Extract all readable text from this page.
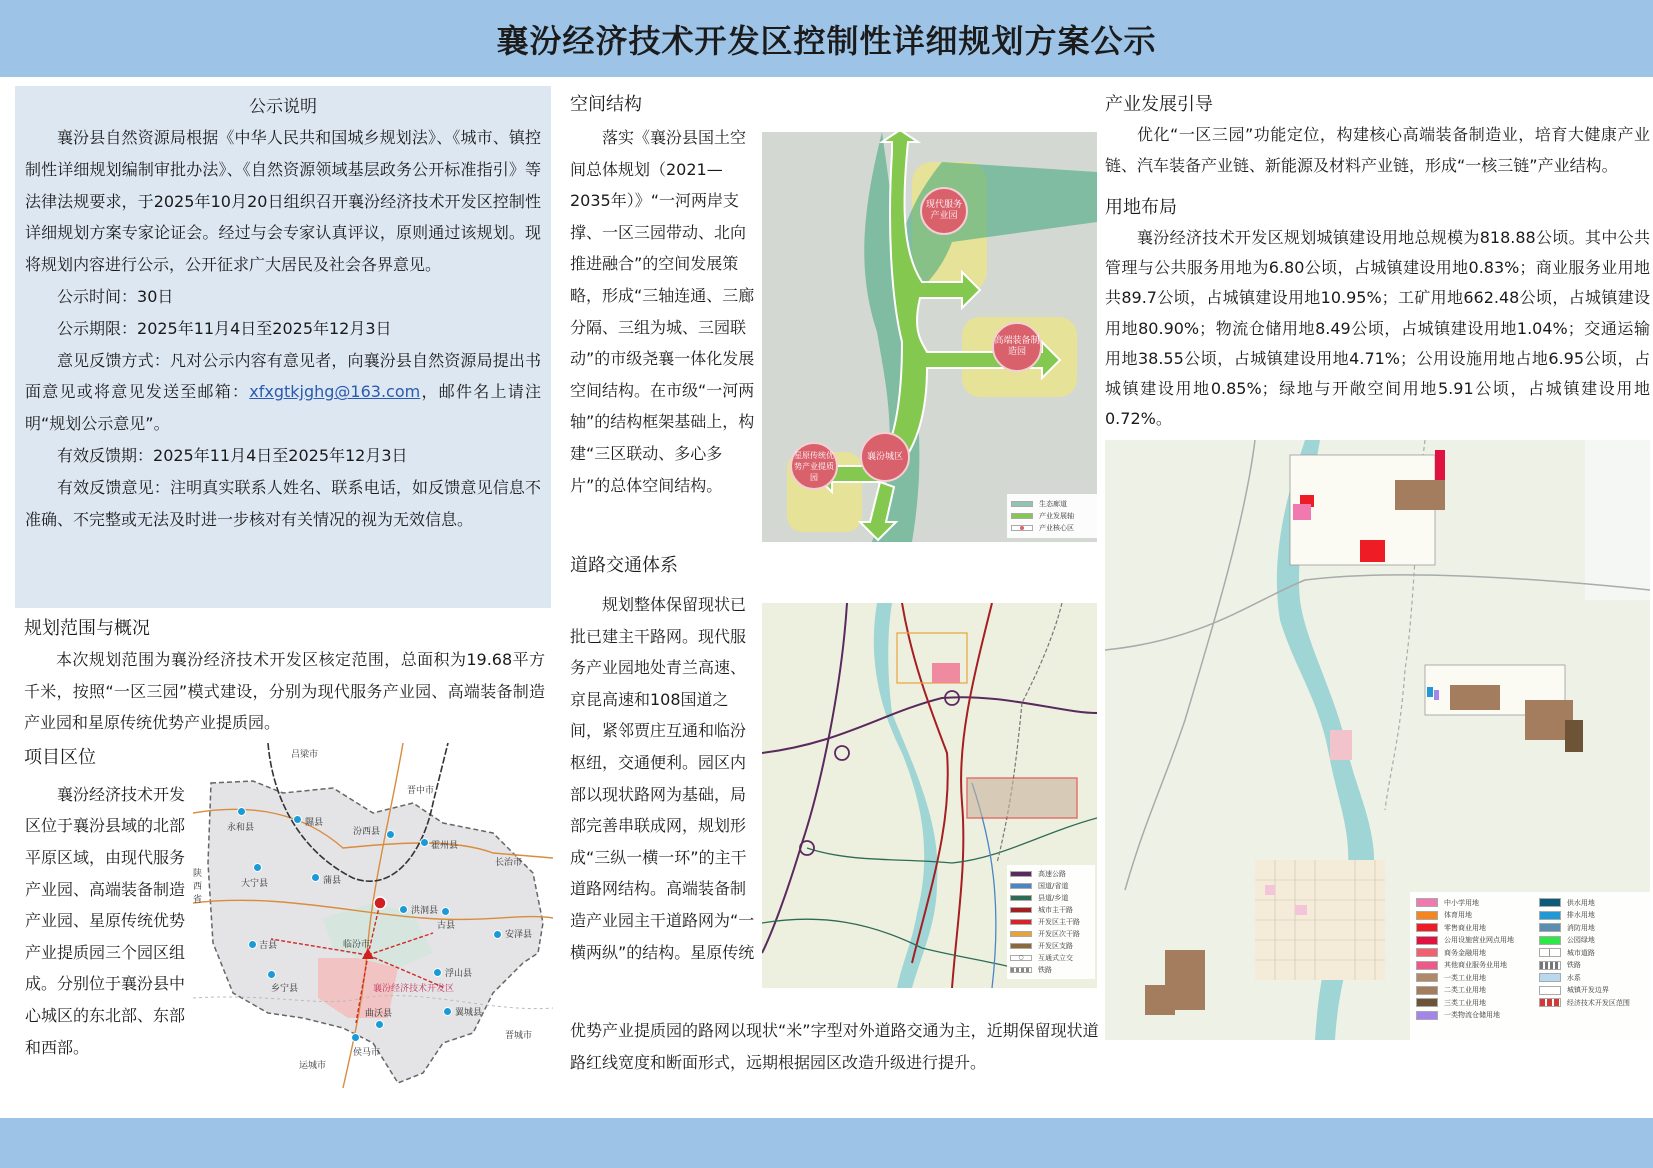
襄汾经济技术开发区控制性详细规划方案公示
公示说明

襄汾县自然资源局根据《中华人民共和国城乡规划法》、《城市、镇控制性详细规划编制审批办法》、《自然资源领域基层政务公开标准指引》等法律法规要求，于2025年10月20日组织召开襄汾经济技术开发区控制性详细规划方案专家论证会。经过与会专家认真评议，原则通过该规划。现将规划内容进行公示，公开征求广大居民及社会各界意见。

公示时间：30日

公示期限：2025年11月4日至2025年12月3日

意见反馈方式：凡对公示内容有意见者，向襄汾县自然资源局提出书面意见或将意见发送至邮箱：xfxgtkjghg@163.com，邮件名上请注明“规划公示意见”。

有效反馈期：2025年11月4日至2025年12月3日

有效反馈意见：注明真实联系人姓名、联系电话，如反馈意见信息不准确、不完整或无法及时进一步核对有关情况的视为无效信息。

规划范围与概况

本次规划范围为襄汾经济技术开发区核定范围，总面积为19.68平方千米，按照“一区三园”模式建设，分别为现代服务产业园、高端装备制造产业园和星原传统优势产业提质园。

项目区位

襄汾经济技术开发区位于襄汾县域的北部平原区域，由现代服务产业园、高端装备制造产业园、星原传统优势产业提质园三个园区组成。分别位于襄汾县中心城区的东北部、东部和西部。

吕梁市
晋中市
长治市
晋城市
运城市
陕西省
永和县	隰县
汾西县
霍州县
大宁县	蒲县
洪洞县
古县
安泽县
吉县	临汾市
浮山县
乡宁县
翼城县
曲沃县
侯马市
襄汾经济技术开发区
空间结构

落实《襄汾县国土空间总体规划（2021—2035年）》“一河两岸支撑、一区三园带动、北向推进融合”的空间发展策略，形成“三轴连通、三廊分隔、三组为城、三园联动”的市级尧襄一体化发展空间结构。在市级“一河两轴”的结构框架基础上，构建“三区联动、多心多片”的总体空间结构。

现代服务产业园
高端装备制造园
星原传统优势产业提质园
襄汾城区
生态廊道
产业发展轴
产业核心区
道路交通体系

规划整体保留现状已批已建主干路网。现代服务产业园地处青兰高速、京昆高速和108国道之间，紧邻贾庄互通和临汾枢纽，交通便利。园区内部以现状路网为基础，局部完善串联成网，规划形成“三纵一横一环”的主干道路网结构。高端装备制造产业园主干道路网为“一横两纵”的结构。星原传统

高速公路
国道/省道
县道/乡道
城市主干路
开发区主干路
开发区次干路
开发区支路
○	互通式立交
铁路

优势产业提质园的路网以现状“米”字型对外道路交通为主，近期保留现状道路红线宽度和断面形式，远期根据园区改造升级进行提升。

产业发展引导

优化“一区三园”功能定位，构建核心高端装备制造业，培育大健康产业链、汽车装备产业链、新能源及材料产业链，形成“一核三链”产业结构。

用地布局

襄汾经济技术开发区规划城镇建设用地总规模为818.88公顷。其中公共管理与公共服务用地为6.80公顷，占城镇建设用地0.83%；商业服务业用地共89.7公顷，占城镇建设用地10.95%；工矿用地662.48公顷，占城镇建设用地80.90%；物流仓储用地8.49公顷，占城镇建设用地1.04%；交通运输用地38.55公顷，占城镇建设用地4.71%；公用设施用地占地6.95公顷，占城镇建设用地0.85%；绿地与开敞空间用地5.91公顷，占城镇建设用地0.72%。

中小学用地
体育用地
零售商业用地
公用设施营业网点用地
商务金融用地
其他商业服务业用地
一类工业用地
二类工业用地
三类工业用地
一类物流仓储用地
供水用地
排水用地
消防用地
公园绿地
城市道路
铁路
水系
城镇开发边界
经济技术开发区范围
